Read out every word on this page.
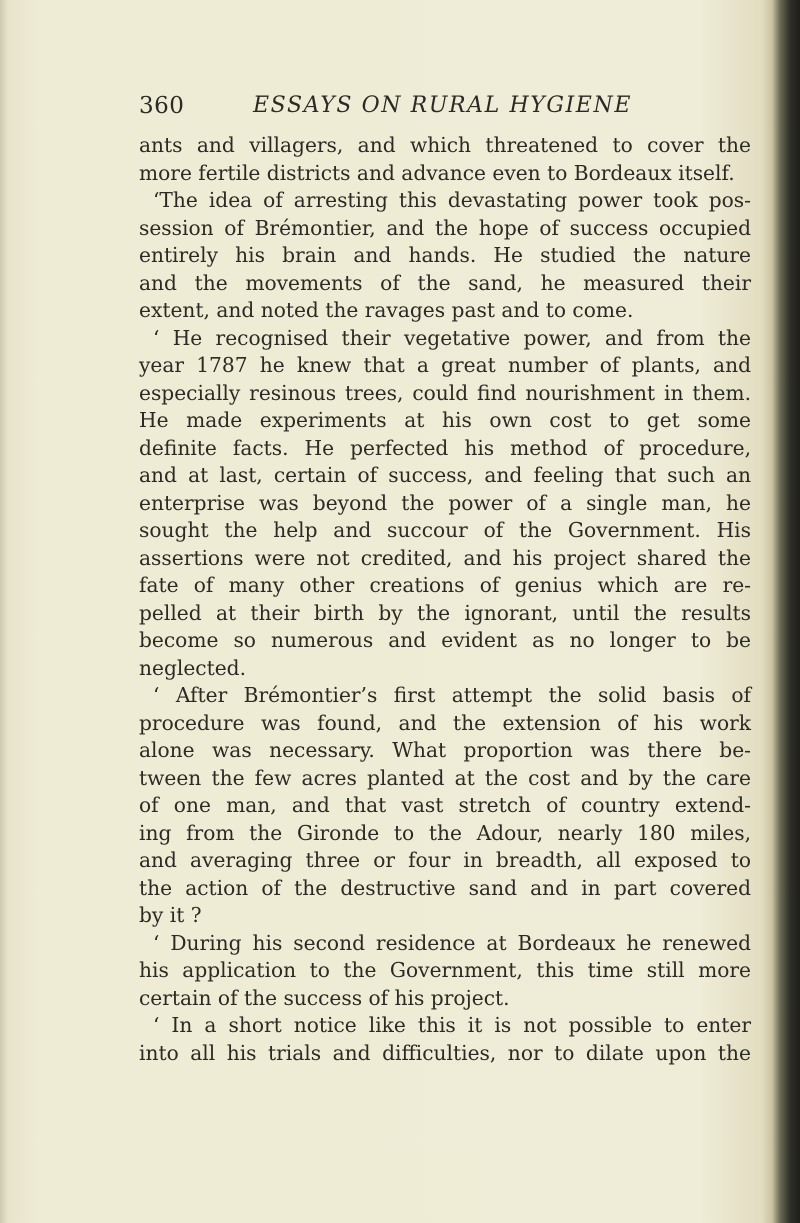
360	ESSAYS ON RURAL HYGIENE
ants and villagers, and which threatened to cover the
more fertile districts and advance even to Bordeaux itself.
‘The idea of arresting this devastating power took pos-
session of Brémontier, and the hope of success occupied
entirely his brain and hands. He studied the nature
and the movements of the sand, he measured their
extent, and noted the ravages past and to come.
‘ He recognised their vegetative power, and from the
year 1787 he knew that a great number of plants, and
especially resinous trees, could find nourishment in them.
He made experiments at his own cost to get some
definite facts. He perfected his method of procedure,
and at last, certain of success, and feeling that such an
enterprise was beyond the power of a single man, he
sought the help and succour of the Government. His
assertions were not credited, and his project shared the
fate of many other creations of genius which are re-
pelled at their birth by the ignorant, until the results
become so numerous and evident as no longer to be
neglected.
‘ After Brémontier’s first attempt the solid basis of
procedure was found, and the extension of his work
alone was necessary. What proportion was there be-
tween the few acres planted at the cost and by the care
of one man, and that vast stretch of country extend-
ing from the Gironde to the Adour, nearly 180 miles,
and averaging three or four in breadth, all exposed to
the action of the destructive sand and in part covered
by it ?
‘ During his second residence at Bordeaux he renewed
his application to the Government, this time still more
certain of the success of his project.
‘ In a short notice like this it is not possible to enter
into all his trials and difficulties, nor to dilate upon the
